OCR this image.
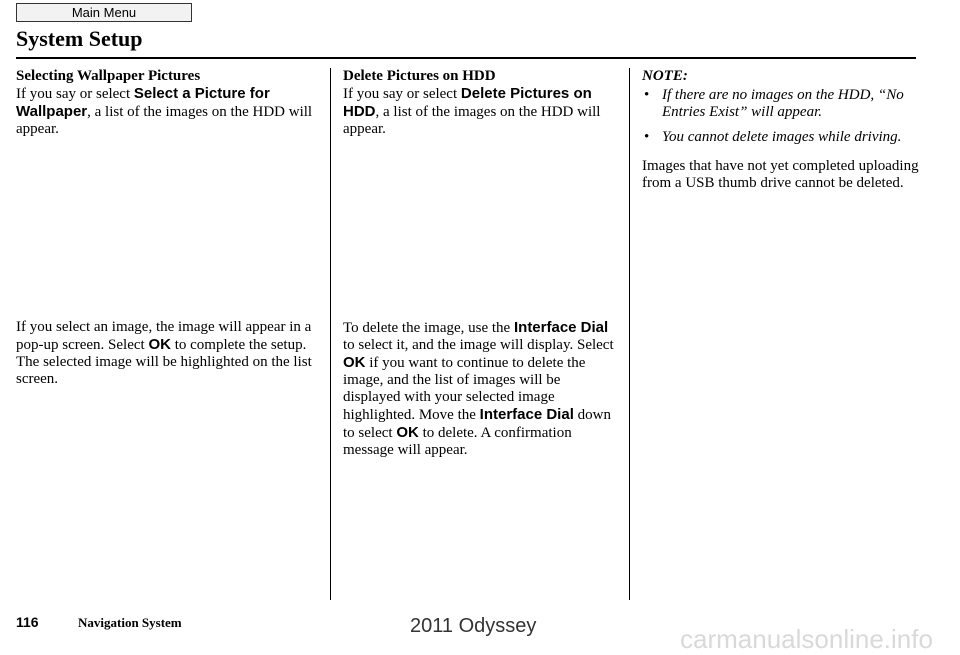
Main Menu
System Setup
Selecting Wallpaper Pictures

If you say or select Select a Picture for Wallpaper, a list of the images on the HDD will appear.

If you select an image, the image will appear in a pop-up screen. Select OK to complete the setup. The selected image will be highlighted on the list screen.

Delete Pictures on HDD

If you say or select Delete Pictures on HDD, a list of the images on the HDD will appear.

To delete the image, use the Interface Dial to select it, and the image will display. Select OK if you want to continue to delete the image, and the list of images will be displayed with your selected image highlighted. Move the Interface Dial down to select OK to delete. A confirmation message will appear.

NOTE:
• If there are no images on the HDD, “No Entries Exist” will appear.
• You cannot delete images while driving.

Images that have not yet completed uploading from a USB thumb drive cannot be deleted.

116	Navigation System	2011 Odyssey	carmanualsonline.info
